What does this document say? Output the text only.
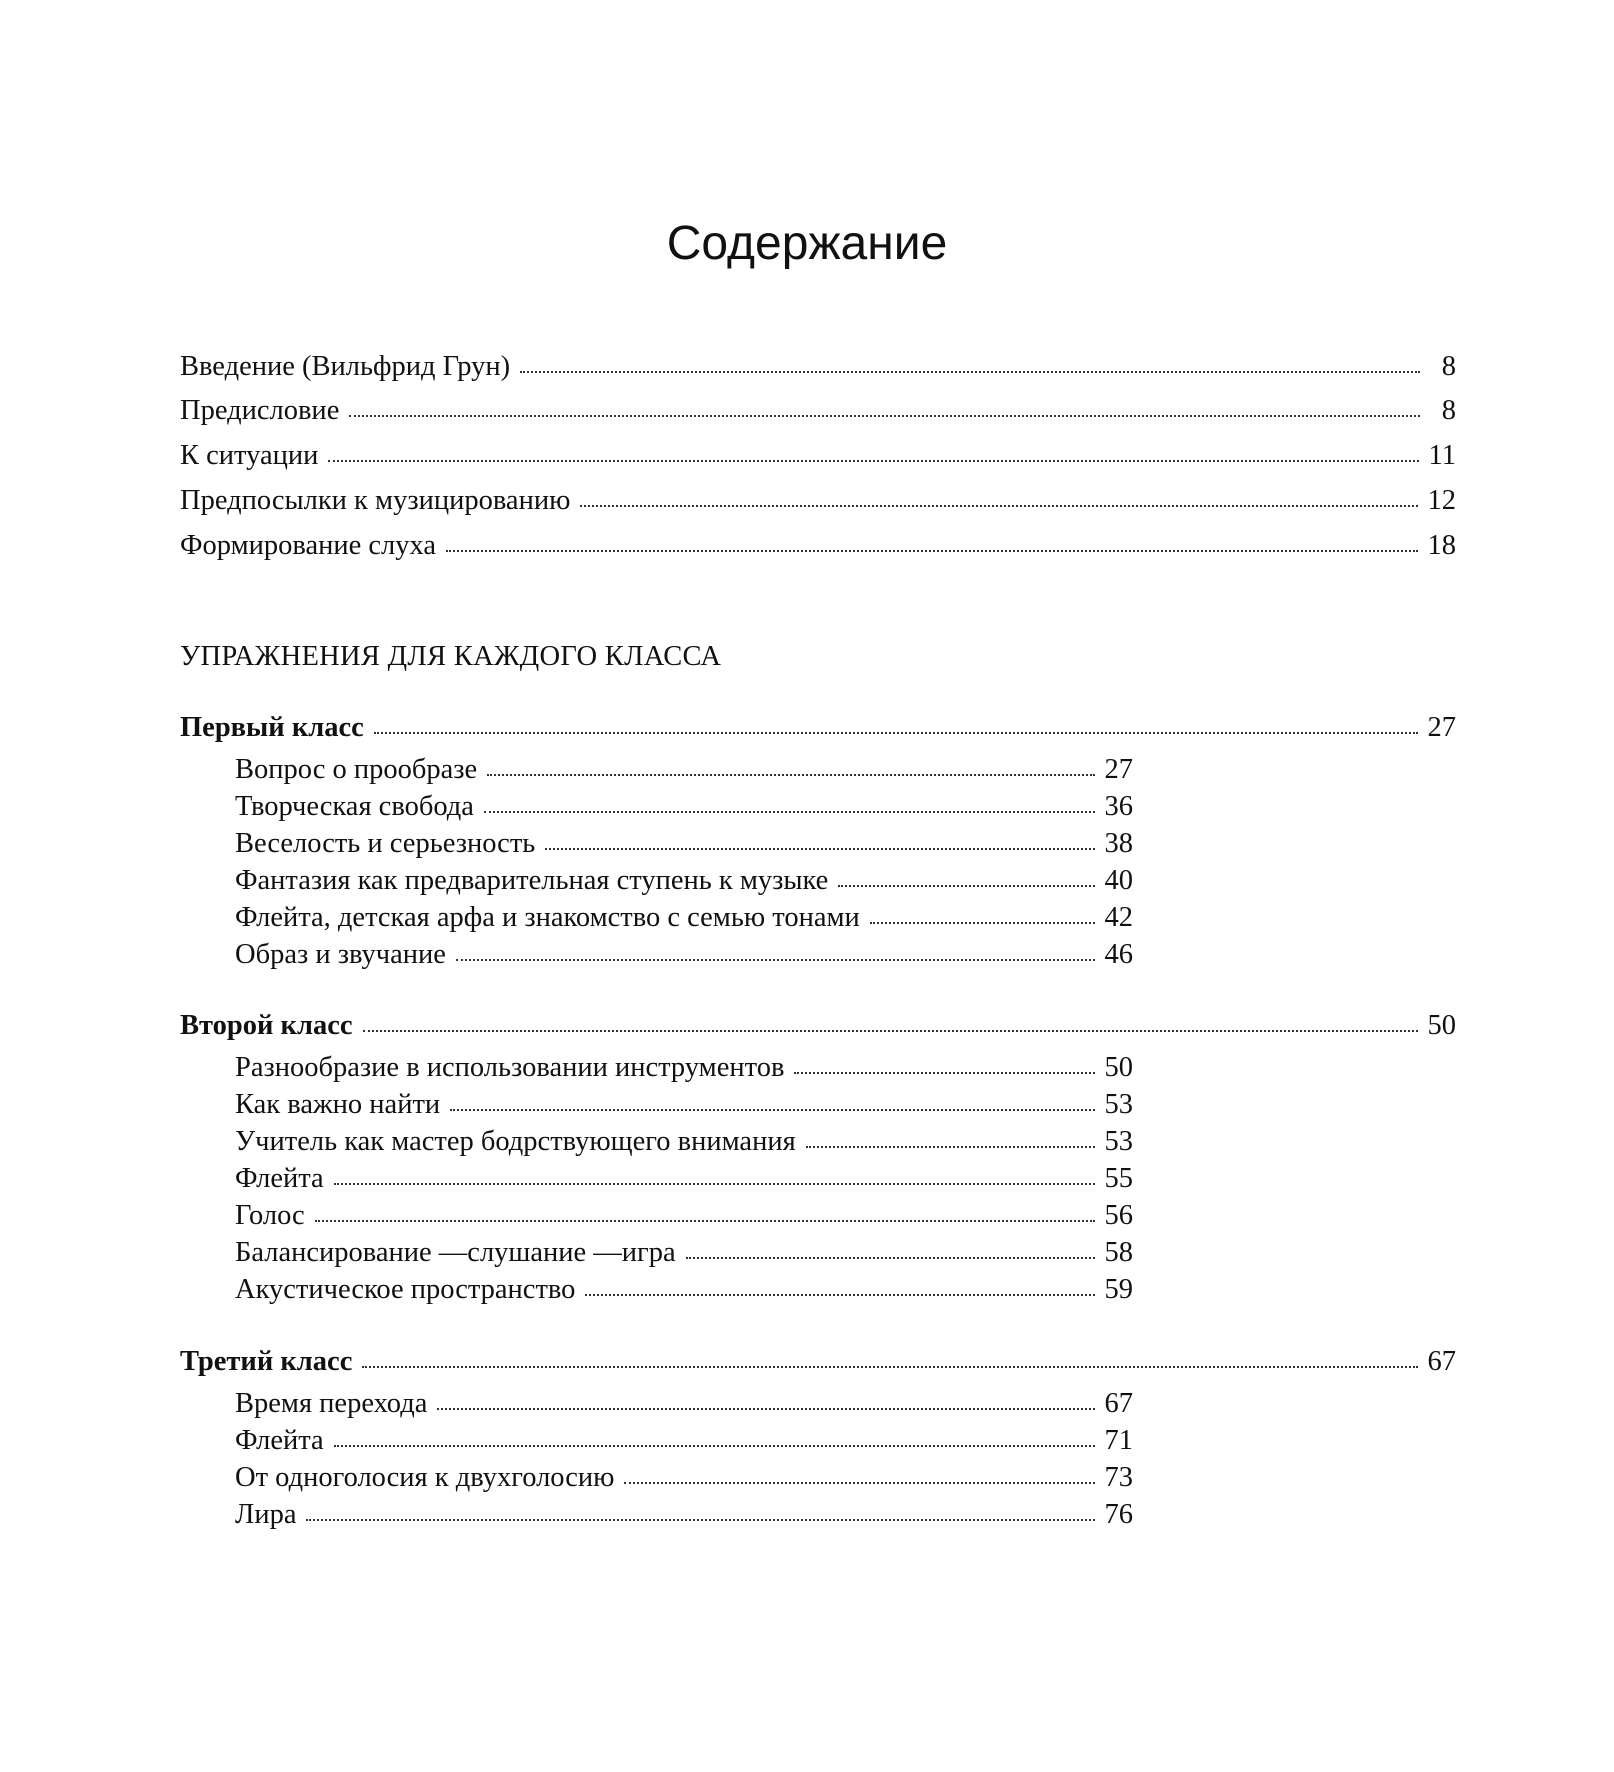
Содержание
Введение (Вильфрид Грун)	8
Предисловие	8
К ситуации	11
Предпосылки к музицированию	12
Формирование слуха	18
УПРАЖНЕНИЯ ДЛЯ КАЖДОГО КЛАССА
Первый класс	27
Вопрос о прообразе	27
Творческая свобода	36
Веселость и серьезность	38
Фантазия как предварительная ступень к музыке	40
Флейта, детская арфа и знакомство с семью тонами	42
Образ и звучание	46
Второй класс	50
Разнообразие в использовании инструментов	50
Как важно найти	53
Учитель как мастер бодрствующего внимания	53
Флейта	55
Голос	56
Балансирование —слушание —игра	58
Акустическое пространство	59
Третий класс	67
Время перехода	67
Флейта	71
От одноголосия к двухголосию	73
Лира	76
